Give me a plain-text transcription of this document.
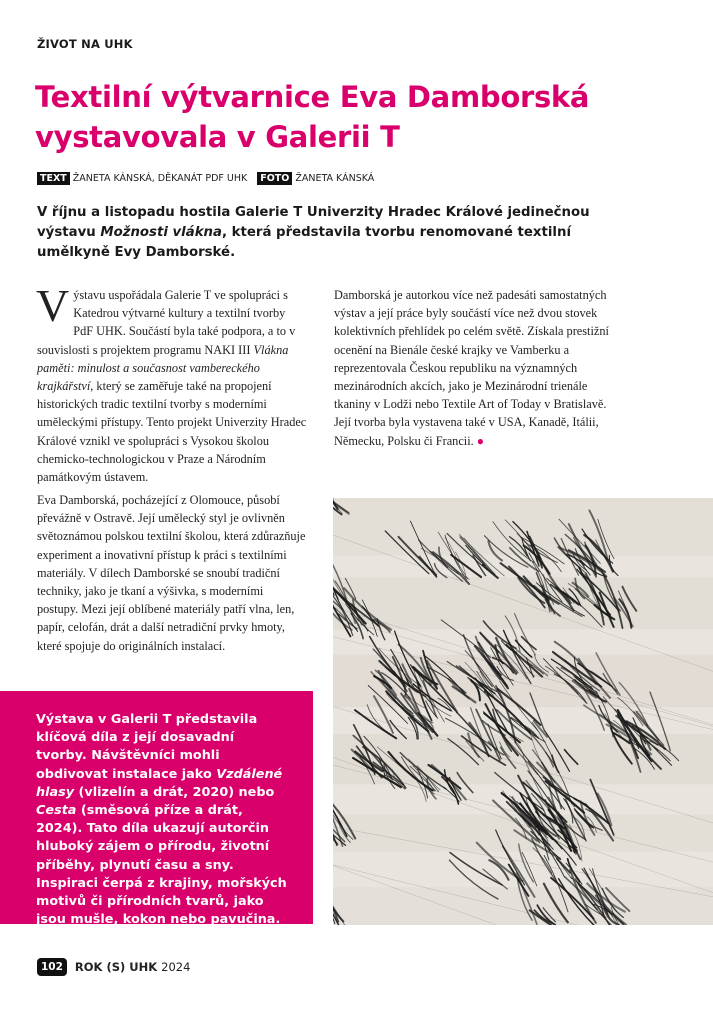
ŽIVOT NA UHK
Textilní výtvarnice Eva Damborská vystavovala v Galerii T
TEXT ŽANETA KÁNSKÁ, DĚKANÁT PDF UHK	FOTO ŽANETA KÁNSKÁ

V říjnu a listopadu hostila Galerie T Univerzity Hradec Králové jedinečnou výstavu Možnosti vlákna, která představila tvorbu renomované textilní umělkyně Evy Damborské.

Výstavu uspořádala Galerie T ve spolupráci s Katedrou výtvarné kultury a textilní tvorby PdF UHK. Součástí byla také podpora, a to v souvislosti s projektem programu NAKI III Vlákna paměti: minulost a současnost vambereckého krajkářství, který se zaměřuje také na propojení historických tradic textilní tvorby s moderními uměleckými přístupy. Tento projekt Univerzity Hradec Králové vznikl ve spolupráci s Vysokou školou chemicko-technologickou v Praze a Národním památkovým ústavem.

Eva Damborská, pocházející z Olomouce, působí převážně v Ostravě. Její umělecký styl je ovlivněn světoznámou polskou textilní školou, která zdůrazňuje experiment a inovativní přístup k práci s textilními materiály. V dílech Damborské se snoubí tradiční techniky, jako je tkaní a výšivka, s moderními postupy. Mezi její oblíbené materiály patří vlna, len, papír, celofán, drát a další netradiční prvky hmoty, které spojuje do originálních instalací.

Damborská je autorkou více než padesáti samostatných výstav a její práce byly součástí více než dvou stovek kolektivních přehlídek po celém světě. Získala prestižní ocenění na Bienále české krajky ve Vamberku a reprezentovala Českou republiku na významných mezinárodních akcích, jako je Mezinárodní trienále tkaniny v Lodži nebo Textile Art of Today v Bratislavě. Její tvorba byla vystavena také v USA, Kanadě, Itálii, Německu, Polsku či Francii. ●

Výstava v Galerii T představila klíčová díla z její dosavadní tvorby. Návštěvníci mohli obdivovat instalace jako Vzdálené hlasy (vlizelín a drát, 2020) nebo Cesta (směsová příze a drát, 2024). Tato díla ukazují autorčin hluboký zájem o přírodu, životní příběhy, plynutí času a sny. Inspiraci čerpá z krajiny, mořských motivů či přírodních tvarů, jako jsou mušle, kokon nebo pavučina.
102	ROK (S) UHK 2024
